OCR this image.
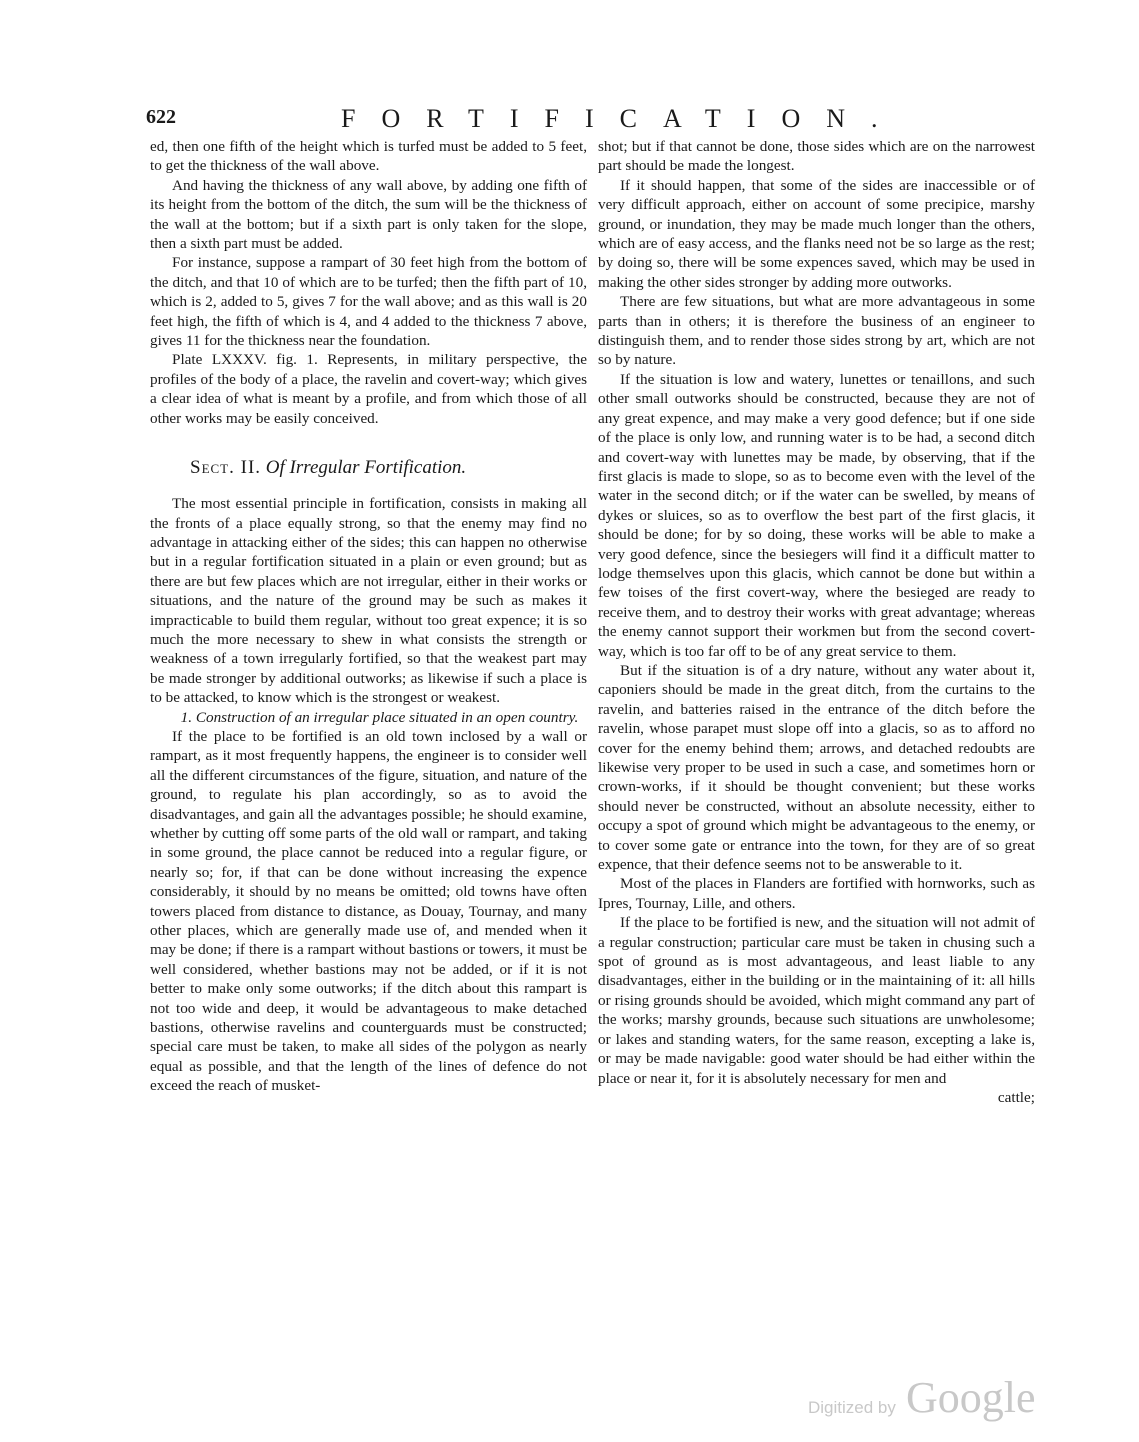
622	FORTIFICATION.

ed, then one fifth of the height which is turfed must be added to 5 feet, to get the thickness of the wall above.

And having the thickness of any wall above, by adding one fifth of its height from the bottom of the ditch, the sum will be the thickness of the wall at the bottom; but if a sixth part is only taken for the slope, then a sixth part must be added.

For instance, suppose a rampart of 30 feet high from the bottom of the ditch, and that 10 of which are to be turfed; then the fifth part of 10, which is 2, added to 5, gives 7 for the wall above; and as this wall is 20 feet high, the fifth of which is 4, and 4 added to the thickness 7 above, gives 11 for the thickness near the foundation.

Plate LXXXV. fig. 1. Represents, in military perspective, the profiles of the body of a place, the ravelin and covert-way; which gives a clear idea of what is meant by a profile, and from which those of all other works may be easily conceived.

Sect. II. Of Irregular Fortification.

The most essential principle in fortification, consists in making all the fronts of a place equally strong, so that the enemy may find no advantage in attacking either of the sides; this can happen no otherwise but in a regular fortification situated in a plain or even ground; but as there are but few places which are not irregular, either in their works or situations, and the nature of the ground may be such as makes it impracticable to build them regular, without too great expence; it is so much the more necessary to shew in what consists the strength or weakness of a town irregularly fortified, so that the weakest part may be made stronger by additional outworks; as likewise if such a place is to be attacked, to know which is the strongest or weakest.

1. Construction of an irregular place situated in an open country.

If the place to be fortified is an old town inclosed by a wall or rampart, as it most frequently happens, the engineer is to consider well all the different circumstances of the figure, situation, and nature of the ground, to regulate his plan accordingly, so as to avoid the disadvantages, and gain all the advantages possible; he should examine, whether by cutting off some parts of the old wall or rampart, and taking in some ground, the place cannot be reduced into a regular figure, or nearly so; for, if that can be done without increasing the expence considerably, it should by no means be omitted; old towns have often towers placed from distance to distance, as Douay, Tournay, and many other places, which are generally made use of, and mended when it may be done; if there is a rampart without bastions or towers, it must be well considered, whether bastions may not be added, or if it is not better to make only some outworks; if the ditch about this rampart is not too wide and deep, it would be advantageous to make detached bastions, otherwise ravelins and counterguards must be constructed; special care must be taken, to make all sides of the polygon as nearly equal as possible, and that the length of the lines of defence do not exceed the reach of musket-

shot; but if that cannot be done, those sides which are on the narrowest part should be made the longest.

If it should happen, that some of the sides are inaccessible or of very difficult approach, either on account of some precipice, marshy ground, or inundation, they may be made much longer than the others, which are of easy access, and the flanks need not be so large as the rest; by doing so, there will be some expences saved, which may be used in making the other sides stronger by adding more outworks.

There are few situations, but what are more advantageous in some parts than in others; it is therefore the business of an engineer to distinguish them, and to render those sides strong by art, which are not so by nature.

If the situation is low and watery, lunettes or tenaillons, and such other small outworks should be constructed, because they are not of any great expence, and may make a very good defence; but if one side of the place is only low, and running water is to be had, a second ditch and covert-way with lunettes may be made, by observing, that if the first glacis is made to slope, so as to become even with the level of the water in the second ditch; or if the water can be swelled, by means of dykes or sluices, so as to overflow the best part of the first glacis, it should be done; for by so doing, these works will be able to make a very good defence, since the besiegers will find it a difficult matter to lodge themselves upon this glacis, which cannot be done but within a few toises of the first covert-way, where the besieged are ready to receive them, and to destroy their works with great advantage; whereas the enemy cannot support their workmen but from the second covert-way, which is too far off to be of any great service to them.

But if the situation is of a dry nature, without any water about it, caponiers should be made in the great ditch, from the curtains to the ravelin, and batteries raised in the entrance of the ditch before the ravelin, whose parapet must slope off into a glacis, so as to afford no cover for the enemy behind them; arrows, and detached redoubts are likewise very proper to be used in such a case, and sometimes horn or crown-works, if it should be thought convenient; but these works should never be constructed, without an absolute necessity, either to occupy a spot of ground which might be advantageous to the enemy, or to cover some gate or entrance into the town, for they are of so great expence, that their defence seems not to be answerable to it.

Most of the places in Flanders are fortified with hornworks, such as Ipres, Tournay, Lille, and others.

If the place to be fortified is new, and the situation will not admit of a regular construction; particular care must be taken in chusing such a spot of ground as is most advantageous, and least liable to any disadvantages, either in the building or in the maintaining of it: all hills or rising grounds should be avoided, which might command any part of the works; marshy grounds, because such situations are unwholesome; or lakes and standing waters, for the same reason, excepting a lake is, or may be made navigable: good water should be had either within the place or near it, for it is absolutely necessary for men and

cattle;

Digitized by Google
